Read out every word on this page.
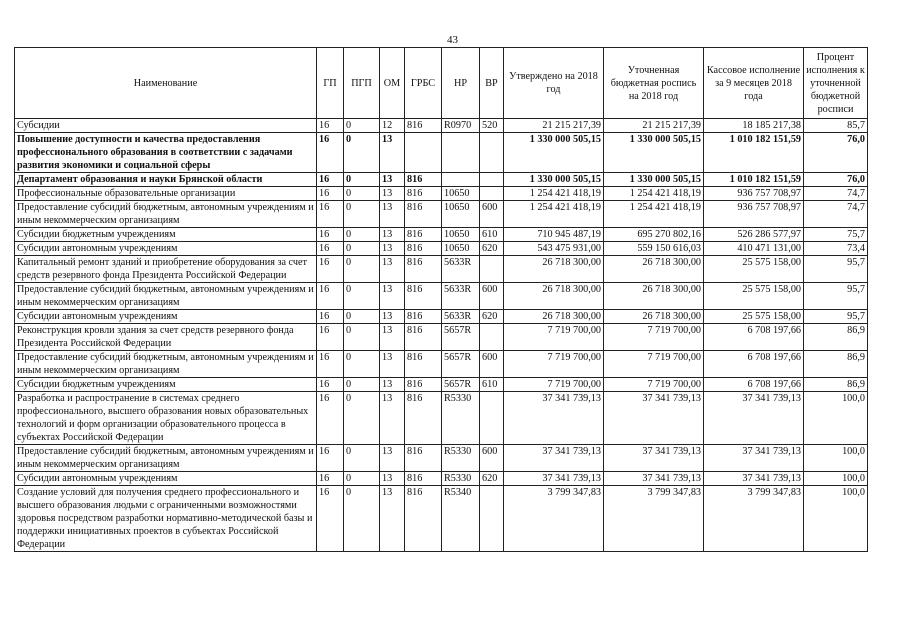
43
Наименование	ГП	ПГП	ОМ	ГРБС	НР	ВР	Утверждено на 2018 год	Уточненная бюджетная роспись на 2018 год	Кассовое исполнение за 9 месяцев 2018 года	Процент исполнения к уточненной бюджетной росписи
Субсидии	16	0	12	816	R0970	520	21 215 217,39	21 215 217,39	18 185 217,38	85,7
Повышение доступности и качества предоставления профессионального образования в соответствии с задачами развития экономики и социальной сферы	16	0	13				1 330 000 505,15	1 330 000 505,15	1 010 182 151,59	76,0
Департамент образования и науки Брянской области	16	0	13	816			1 330 000 505,15	1 330 000 505,15	1 010 182 151,59	76,0
Профессиональные образовательные организации	16	0	13	816	10650		1 254 421 418,19	1 254 421 418,19	936 757 708,97	74,7
Предоставление субсидий бюджетным, автономным учреждениям и иным некоммерческим организациям	16	0	13	816	10650	600	1 254 421 418,19	1 254 421 418,19	936 757 708,97	74,7
Субсидии бюджетным учреждениям	16	0	13	816	10650	610	710 945 487,19	695 270 802,16	526 286 577,97	75,7
Субсидии автономным учреждениям	16	0	13	816	10650	620	543 475 931,00	559 150 616,03	410 471 131,00	73,4
Капитальный ремонт зданий и приобретение оборудования за счет средств резервного фонда Президента Российской Федерации	16	0	13	816	5633R		26 718 300,00	26 718 300,00	25 575 158,00	95,7
Предоставление субсидий бюджетным, автономным учреждениям и иным некоммерческим организациям	16	0	13	816	5633R	600	26 718 300,00	26 718 300,00	25 575 158,00	95,7
Субсидии автономным учреждениям	16	0	13	816	5633R	620	26 718 300,00	26 718 300,00	25 575 158,00	95,7
Реконструкция кровли здания за счет средств резервного фонда Президента Российской Федерации	16	0	13	816	5657R		7 719 700,00	7 719 700,00	6 708 197,66	86,9
Предоставление субсидий бюджетным, автономным учреждениям и иным некоммерческим организациям	16	0	13	816	5657R	600	7 719 700,00	7 719 700,00	6 708 197,66	86,9
Субсидии бюджетным учреждениям	16	0	13	816	5657R	610	7 719 700,00	7 719 700,00	6 708 197,66	86,9
Разработка и распространение в системах среднего профессионального, высшего образования новых образовательных технологий и форм организации образовательного процесса в субъектах Российской Федерации	16	0	13	816	R5330		37 341 739,13	37 341 739,13	37 341 739,13	100,0
Предоставление субсидий бюджетным, автономным учреждениям и иным некоммерческим организациям	16	0	13	816	R5330	600	37 341 739,13	37 341 739,13	37 341 739,13	100,0
Субсидии автономным учреждениям	16	0	13	816	R5330	620	37 341 739,13	37 341 739,13	37 341 739,13	100,0
Создание условий для получения среднего профессионального и высшего образования людьми с ограниченными возможностями здоровья посредством разработки нормативно-методической базы и поддержки инициативных проектов в субъектах Российской Федерации	16	0	13	816	R5340		3 799 347,83	3 799 347,83	3 799 347,83	100,0
